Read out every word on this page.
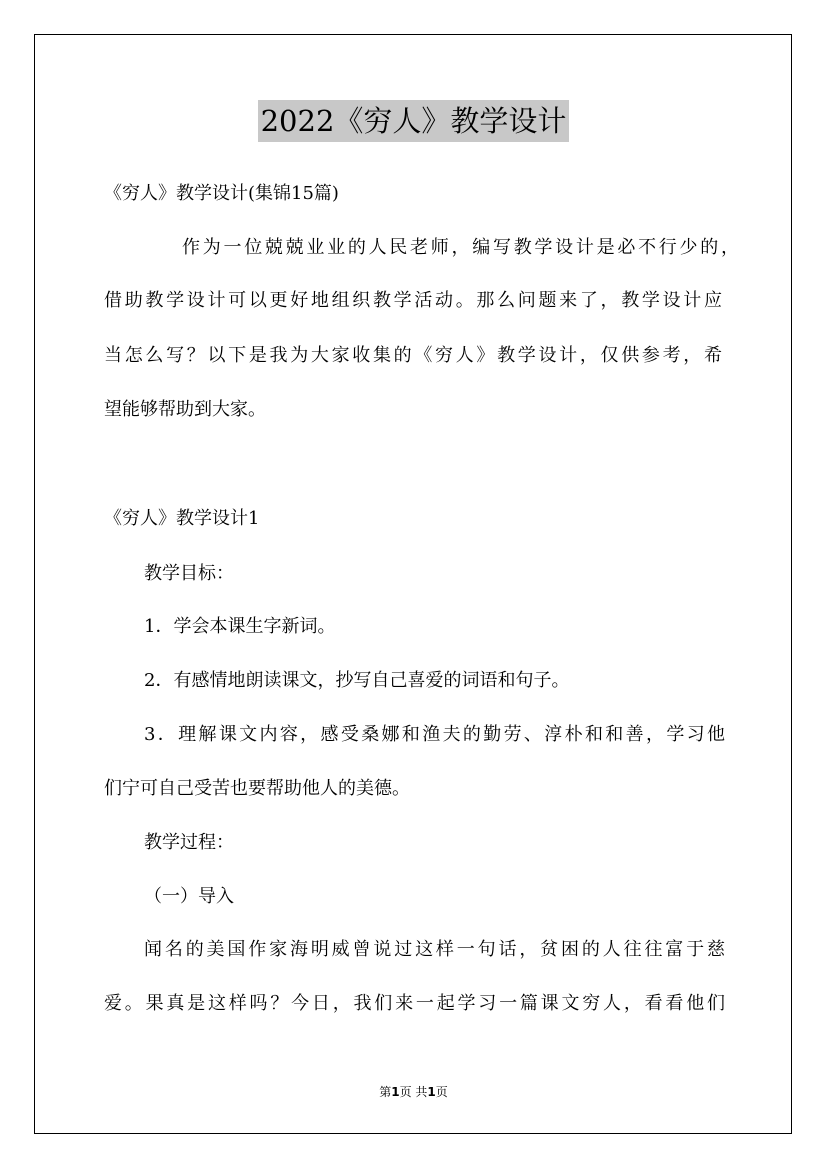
2022《穷人》教学设计
《穷人》教学设计(集锦15篇)
作为一位兢兢业业的人民老师，编写教学设计是必不行少的，
借助教学设计可以更好地组织教学活动。那么问题来了，教学设计应
当怎么写？以下是我为大家收集的《穷人》教学设计，仅供参考，希
望能够帮助到大家。
《穷人》教学设计1
教学目标：
1．学会本课生字新词。
2．有感情地朗读课文，抄写自己喜爱的词语和句子。
3．理解课文内容，感受桑娜和渔夫的勤劳、淳朴和和善，学习他
们宁可自己受苦也要帮助他人的美德。
教学过程：
（一）导入
闻名的美国作家海明威曾说过这样一句话，贫困的人往往富于慈
爱。果真是这样吗？今日，我们来一起学习一篇课文穷人，看看他们
第1页 共1页
